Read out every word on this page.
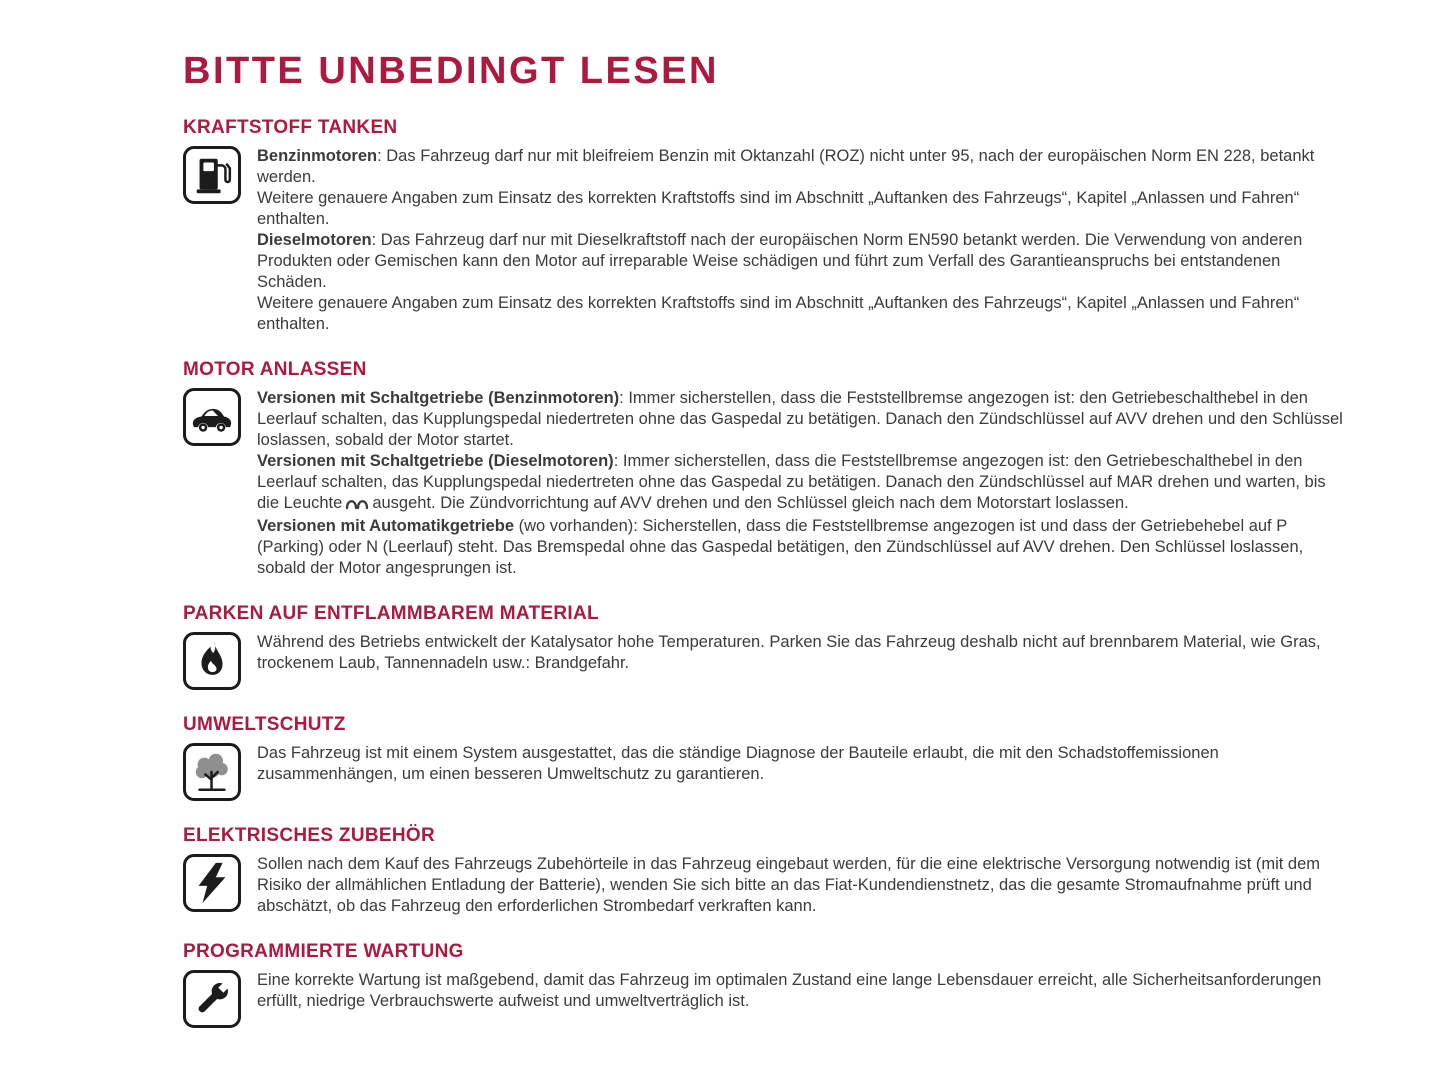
BITTE UNBEDINGT LESEN
KRAFTSTOFF TANKEN

Benzinmotoren: Das Fahrzeug darf nur mit bleifreiem Benzin mit Oktanzahl (ROZ) nicht unter 95, nach der europäischen Norm EN 228, betankt werden.

Weitere genauere Angaben zum Einsatz des korrekten Kraftstoffs sind im Abschnitt „Auftanken des Fahrzeugs“, Kapitel „Anlassen und Fahren“ enthalten.

Dieselmotoren: Das Fahrzeug darf nur mit Dieselkraftstoff nach der europäischen Norm EN590 betankt werden. Die Verwendung von anderen Produkten oder Gemischen kann den Motor auf irreparable Weise schädigen und führt zum Verfall des Garantieanspruchs bei entstandenen Schäden.

Weitere genauere Angaben zum Einsatz des korrekten Kraftstoffs sind im Abschnitt „Auftanken des Fahrzeugs“, Kapitel „Anlassen und Fahren“ enthalten.

MOTOR ANLASSEN

Versionen mit Schaltgetriebe (Benzinmotoren): Immer sicherstellen, dass die Feststellbremse angezogen ist: den Getriebeschalthebel in den Leerlauf schalten, das Kupplungspedal niedertreten ohne das Gaspedal zu betätigen. Danach den Zündschlüssel auf AVV drehen und den Schlüssel loslassen, sobald der Motor startet.

Versionen mit Schaltgetriebe (Dieselmotoren): Immer sicherstellen, dass die Feststellbremse angezogen ist: den Getriebeschalthebel in den Leerlauf schalten, das Kupplungspedal niedertreten ohne das Gaspedal zu betätigen. Danach den Zündschlüssel auf MAR drehen und warten, bis die Leuchte ausgeht. Die Zündvorrichtung auf AVV drehen und den Schlüssel gleich nach dem Motorstart loslassen.

Versionen mit Automatikgetriebe (wo vorhanden): Sicherstellen, dass die Feststellbremse angezogen ist und dass der Getriebehebel auf P (Parking) oder N (Leerlauf) steht. Das Bremspedal ohne das Gaspedal betätigen, den Zündschlüssel auf AVV drehen. Den Schlüssel loslassen, sobald der Motor angesprungen ist.

PARKEN AUF ENTFLAMMBAREM MATERIAL

Während des Betriebs entwickelt der Katalysator hohe Temperaturen. Parken Sie das Fahrzeug deshalb nicht auf brennbarem Material, wie Gras, trockenem Laub, Tannennadeln usw.: Brandgefahr.

UMWELTSCHUTZ

Das Fahrzeug ist mit einem System ausgestattet, das die ständige Diagnose der Bauteile erlaubt, die mit den Schadstoffemissionen zusammenhängen, um einen besseren Umweltschutz zu garantieren.

ELEKTRISCHES ZUBEHÖR

Sollen nach dem Kauf des Fahrzeugs Zubehörteile in das Fahrzeug eingebaut werden, für die eine elektrische Versorgung notwendig ist (mit dem Risiko der allmählichen Entladung der Batterie), wenden Sie sich bitte an das Fiat-Kundendienstnetz, das die gesamte Stromaufnahme prüft und abschätzt, ob das Fahrzeug den erforderlichen Strombedarf verkraften kann.

PROGRAMMIERTE WARTUNG

Eine korrekte Wartung ist maßgebend, damit das Fahrzeug im optimalen Zustand eine lange Lebensdauer erreicht, alle Sicherheitsanforderungen erfüllt, niedrige Verbrauchswerte aufweist und umweltverträglich ist.
